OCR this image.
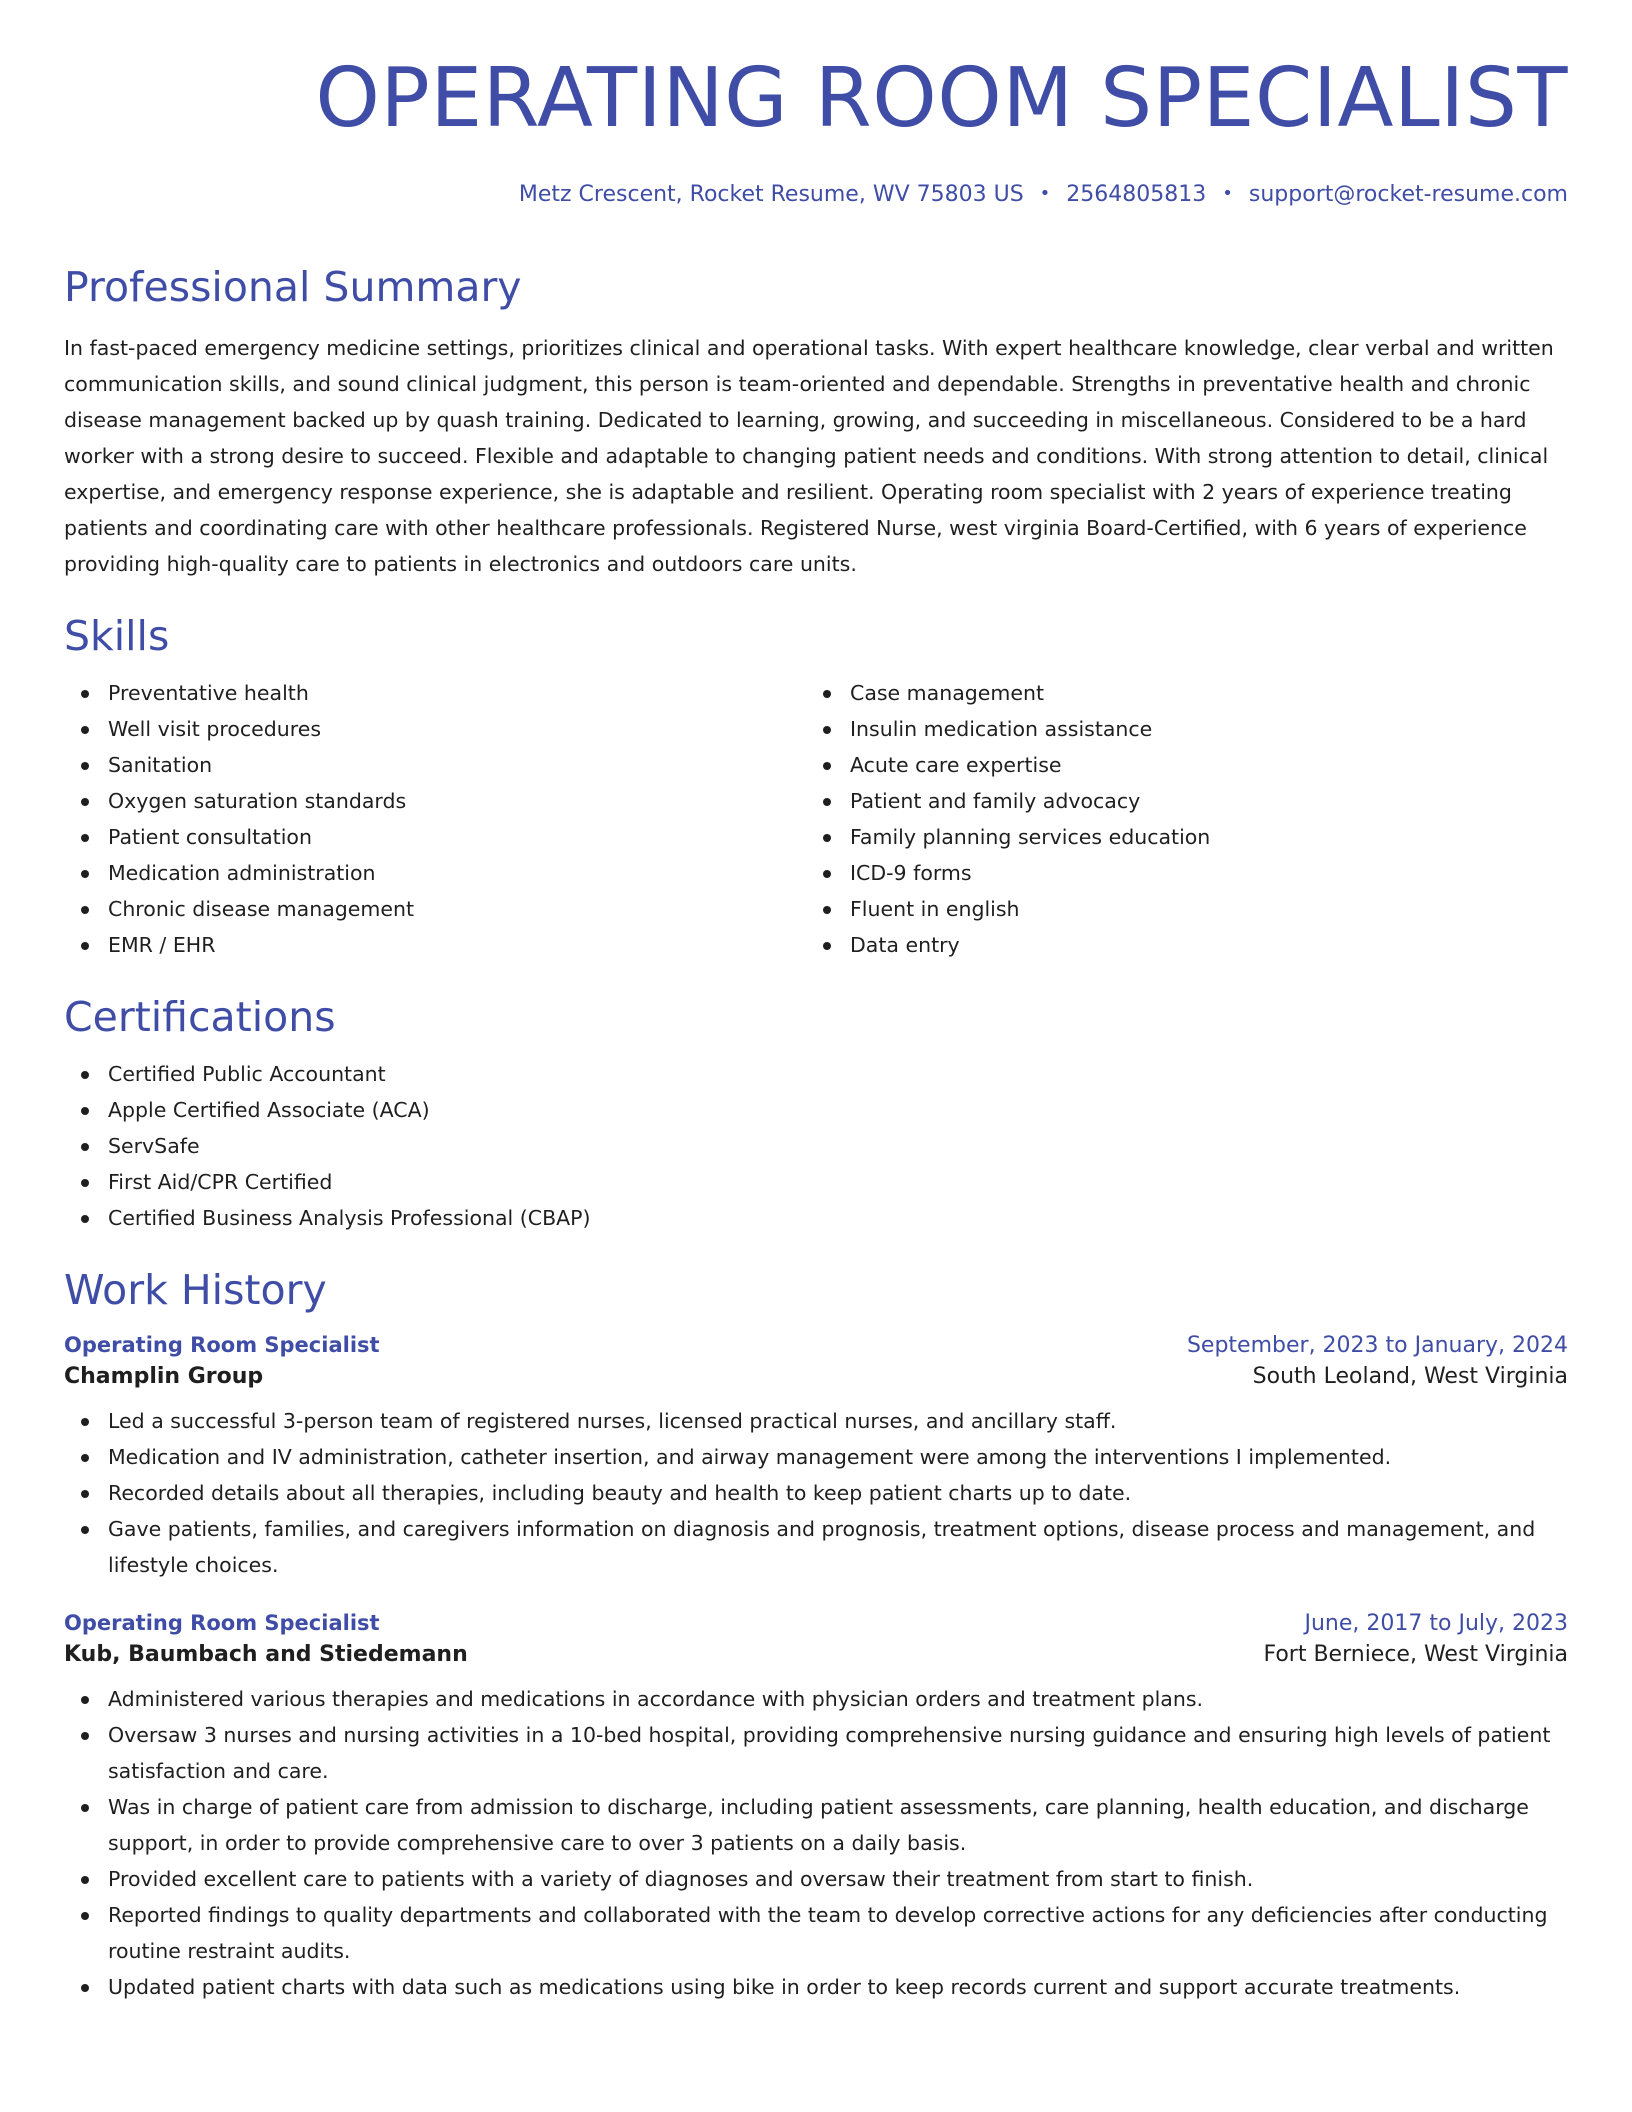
OPERATING ROOM SPECIALIST
Metz Crescent, Rocket Resume, WV 75803 US • 2564805813 • support@rocket-resume.com
Professional Summary

In fast-paced emergency medicine settings, prioritizes clinical and operational tasks. With expert healthcare knowledge, clear verbal and written communication skills, and sound clinical judgment, this person is team-oriented and dependable. Strengths in preventative health and chronic disease management backed up by quash training. Dedicated to learning, growing, and succeeding in miscellaneous. Considered to be a hard worker with a strong desire to succeed. Flexible and adaptable to changing patient needs and conditions. With strong attention to detail, clinical expertise, and emergency response experience, she is adaptable and resilient. Operating room specialist with 2 years of experience treating patients and coordinating care with other healthcare professionals. Registered Nurse, west virginia Board-Certified, with 6 years of experience providing high-quality care to patients in electronics and outdoors care units.

Skills
Preventative health
Well visit procedures
Sanitation
Oxygen saturation standards
Patient consultation
Medication administration
Chronic disease management
EMR / EHR
Case management
Insulin medication assistance
Acute care expertise
Patient and family advocacy
Family planning services education
ICD-9 forms
Fluent in english
Data entry
Certifications
Certified Public Accountant
Apple Certified Associate (ACA)
ServSafe
First Aid/CPR Certified
Certified Business Analysis Professional (CBAP)
Work History
Operating Room Specialist	September, 2023 to January, 2024
Champlin Group	South Leoland, West Virginia
Led a successful 3-person team of registered nurses, licensed practical nurses, and ancillary staff.
Medication and IV administration, catheter insertion, and airway management were among the interventions I implemented.
Recorded details about all therapies, including beauty and health to keep patient charts up to date.
Gave patients, families, and caregivers information on diagnosis and prognosis, treatment options, disease process and management, and lifestyle choices.
Operating Room Specialist	June, 2017 to July, 2023
Kub, Baumbach and Stiedemann	Fort Berniece, West Virginia
Administered various therapies and medications in accordance with physician orders and treatment plans.
Oversaw 3 nurses and nursing activities in a 10-bed hospital, providing comprehensive nursing guidance and ensuring high levels of patient satisfaction and care.
Was in charge of patient care from admission to discharge, including patient assessments, care planning, health education, and discharge support, in order to provide comprehensive care to over 3 patients on a daily basis.
Provided excellent care to patients with a variety of diagnoses and oversaw their treatment from start to finish.
Reported findings to quality departments and collaborated with the team to develop corrective actions for any deficiencies after conducting routine restraint audits.
Updated patient charts with data such as medications using bike in order to keep records current and support accurate treatments.
